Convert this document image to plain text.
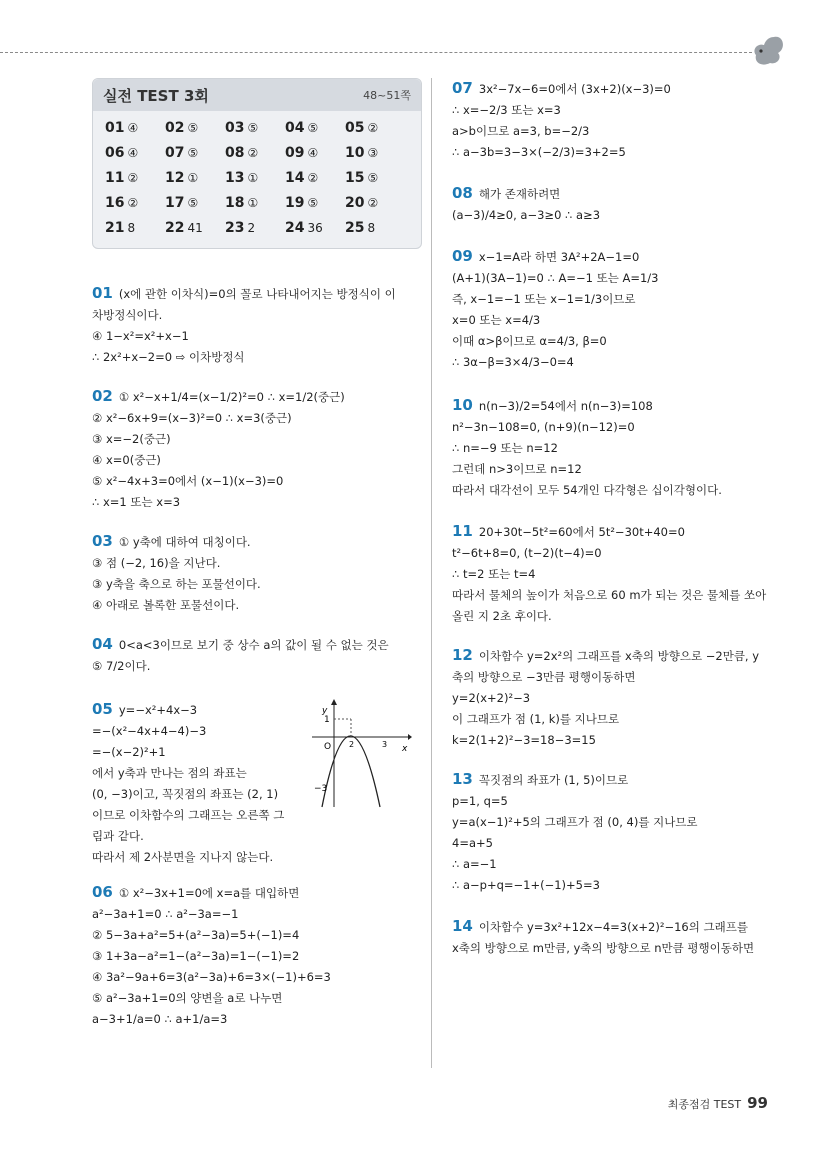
실전 TEST 3회	48~51쪽
01 ④	02 ⑤	03 ⑤	04 ⑤	05 ②
06 ④	07 ⑤	08 ②	09 ④	10 ③
11 ②	12 ①	13 ①	14 ②	15 ⑤
16 ②	17 ⑤	18 ①	19 ⑤	20 ②
21 8	22 41	23 2	24 36	25 8
01 (x에 관한 이차식)=0의 꼴로 나타내어지는 방정식이 이
차방정식이다.
④ 1−x²=x²+x−1
∴ 2x²+x−2=0 ⇨ 이차방정식
02 ① x²−x+1/4=(x−1/2)²=0 ∴ x=1/2(중근)
② x²−6x+9=(x−3)²=0 ∴ x=3(중근)
③ x=−2(중근)
④ x=0(중근)
⑤ x²−4x+3=0에서 (x−1)(x−3)=0
∴ x=1 또는 x=3
03 ① y축에 대하여 대칭이다.
③ 점 (−2, 16)을 지난다.
③ y축을 축으로 하는 포물선이다.
④ 아래로 볼록한 포물선이다.
04 0<a<3이므로 보기 중 상수 a의 값이 될 수 없는 것은
⑤ 7/2이다.
05 y=−x²+4x−3
=−(x²−4x+4−4)−3
=−(x−2)²+1
에서 y축과 만나는 점의 좌표는
(0, −3)이고, 꼭짓점의 좌표는 (2, 1)
이므로 이차함수의 그래프는 오른쪽 그
림과 같다.
따라서 제 2사분면을 지나지 않는다.
y
x
O
1
2	3
−3
06 ① x²−3x+1=0에 x=a를 대입하면
a²−3a+1=0 ∴ a²−3a=−1
② 5−3a+a²=5+(a²−3a)=5+(−1)=4
③ 1+3a−a²=1−(a²−3a)=1−(−1)=2
④ 3a²−9a+6=3(a²−3a)+6=3×(−1)+6=3
⑤ a²−3a+1=0의 양변을 a로 나누면
a−3+1/a=0 ∴ a+1/a=3
07 3x²−7x−6=0에서 (3x+2)(x−3)=0
∴ x=−2/3 또는 x=3
a>b이므로 a=3, b=−2/3
∴ a−3b=3−3×(−2/3)=3+2=5
08 해가 존재하려면
(a−3)/4≥0, a−3≥0 ∴ a≥3
09 x−1=A라 하면 3A²+2A−1=0
(A+1)(3A−1)=0 ∴ A=−1 또는 A=1/3
즉, x−1=−1 또는 x−1=1/3이므로
x=0 또는 x=4/3
이때 α>β이므로 α=4/3, β=0
∴ 3α−β=3×4/3−0=4
10 n(n−3)/2=54에서 n(n−3)=108
n²−3n−108=0, (n+9)(n−12)=0
∴ n=−9 또는 n=12
그런데 n>3이므로 n=12
따라서 대각선이 모두 54개인 다각형은 십이각형이다.
11 20+30t−5t²=60에서 5t²−30t+40=0
t²−6t+8=0, (t−2)(t−4)=0
∴ t=2 또는 t=4
따라서 물체의 높이가 처음으로 60 m가 되는 것은 물체를 쏘아
올린 지 2초 후이다.
12 이차함수 y=2x²의 그래프를 x축의 방향으로 −2만큼, y
축의 방향으로 −3만큼 평행이동하면
y=2(x+2)²−3
이 그래프가 점 (1, k)를 지나므로
k=2(1+2)²−3=18−3=15
13 꼭짓점의 좌표가 (1, 5)이므로
p=1, q=5
y=a(x−1)²+5의 그래프가 점 (0, 4)를 지나므로
4=a+5
∴ a=−1
∴ a−p+q=−1+(−1)+5=3
14 이차함수 y=3x²+12x−4=3(x+2)²−16의 그래프를
x축의 방향으로 m만큼, y축의 방향으로 n만큼 평행이동하면
최종점검 TEST 99
